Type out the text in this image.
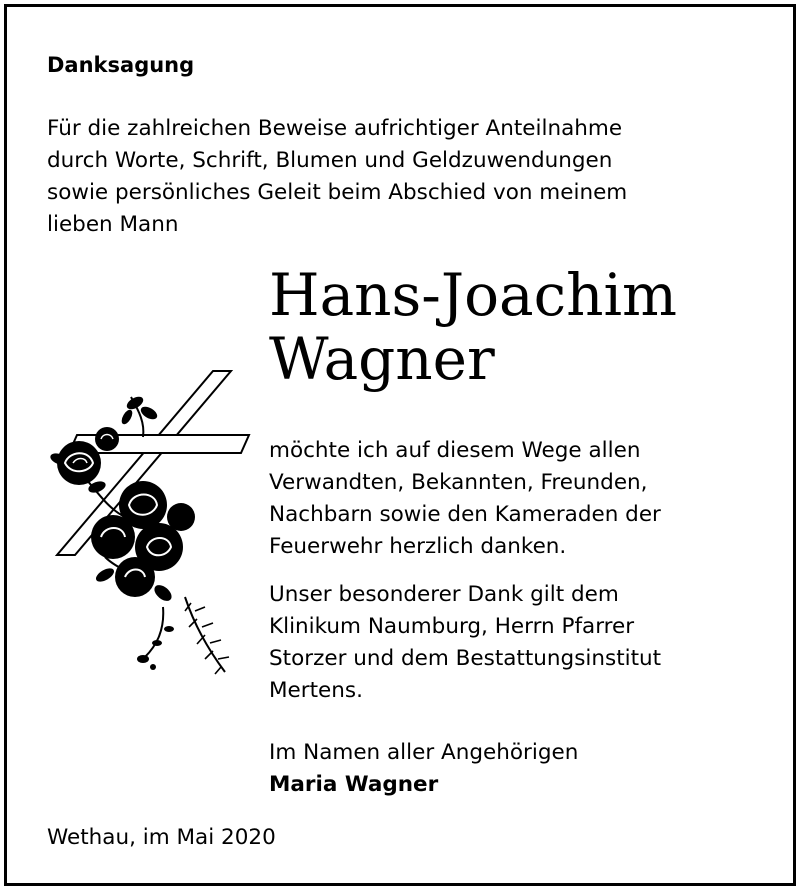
Danksagung
Für die zahlreichen Beweise aufrichtiger Anteilnahme
durch Worte, Schrift, Blumen und Geldzuwendungen
sowie persönliches Geleit beim Abschied von meinem
lieben Mann
Hans-Joachim
Wagner
möchte ich auf diesem Wege allen
Verwandten, Bekannten, Freunden,
Nachbarn sowie den Kameraden der
Feuerwehr herzlich danken.
Unser besonderer Dank gilt dem
Klinikum Naumburg, Herrn Pfarrer
Storzer und dem Bestattungsinstitut
Mertens.
Im Namen aller Angehörigen
Maria Wagner
Wethau, im Mai 2020
